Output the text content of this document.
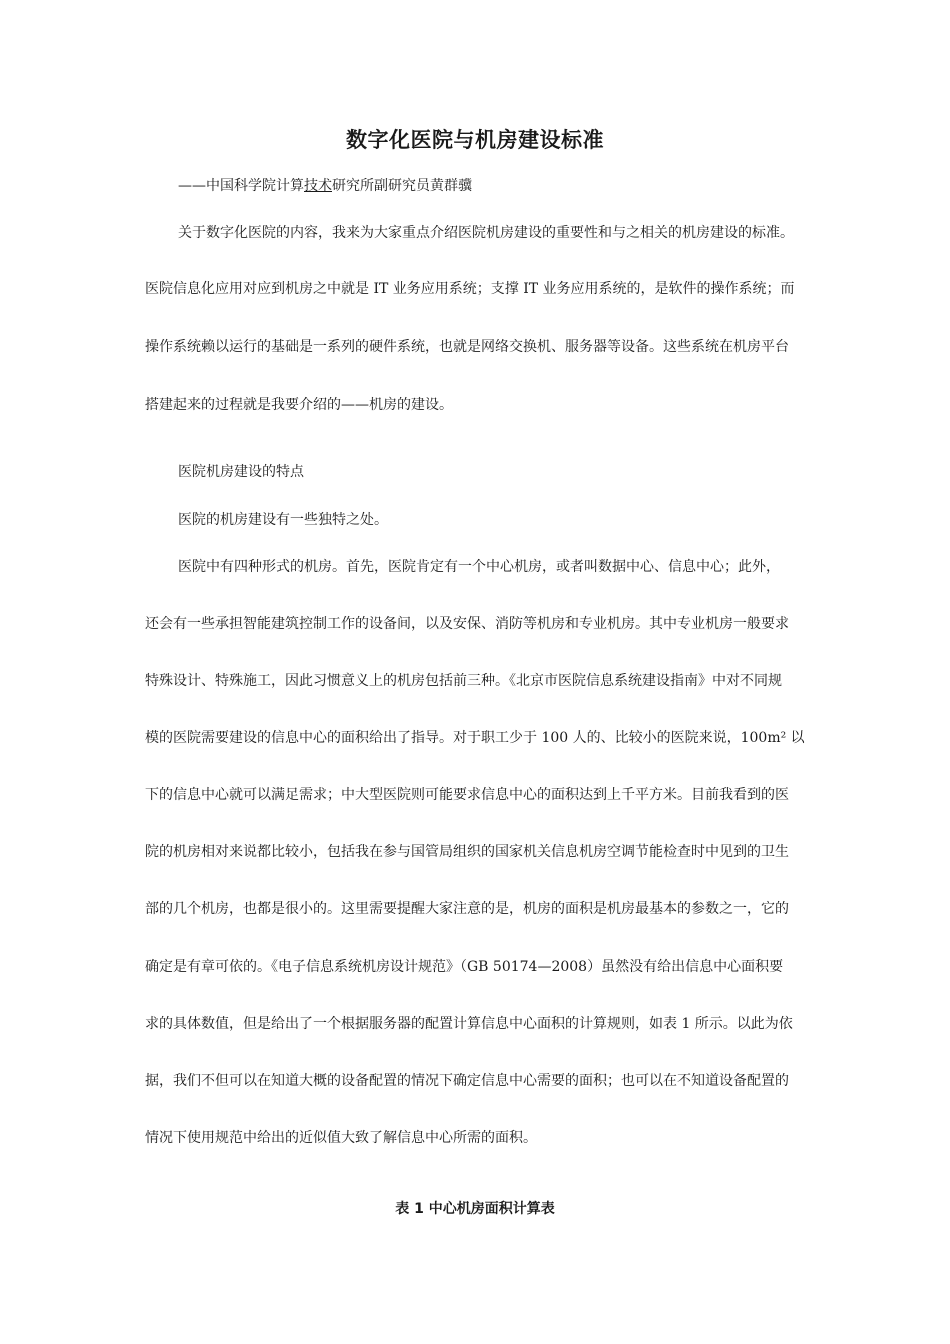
数字化医院与机房建设标准
——中国科学院计算技术研究所副研究员黄群骥
关于数字化医院的内容，我来为大家重点介绍医院机房建设的重要性和与之相关的机房建设的标准。
医院信息化应用对应到机房之中就是 IT 业务应用系统；支撑 IT 业务应用系统的，是软件的操作系统；而
操作系统赖以运行的基础是一系列的硬件系统，也就是网络交换机、服务器等设备。这些系统在机房平台
搭建起来的过程就是我要介绍的——机房的建设。
医院机房建设的特点
医院的机房建设有一些独特之处。
医院中有四种形式的机房。首先，医院肯定有一个中心机房，或者叫数据中心、信息中心；此外，
还会有一些承担智能建筑控制工作的设备间，以及安保、消防等机房和专业机房。其中专业机房一般要求
特殊设计、特殊施工，因此习惯意义上的机房包括前三种。《北京市医院信息系统建设指南》中对不同规
模的医院需要建设的信息中心的面积给出了指导。对于职工少于 100 人的、比较小的医院来说，100m² 以
下的信息中心就可以满足需求；中大型医院则可能要求信息中心的面积达到上千平方米。目前我看到的医
院的机房相对来说都比较小，包括我在参与国管局组织的国家机关信息机房空调节能检查时中见到的卫生
部的几个机房，也都是很小的。这里需要提醒大家注意的是，机房的面积是机房最基本的参数之一，它的
确定是有章可依的。《电子信息系统机房设计规范》（GB 50174—2008）虽然没有给出信息中心面积要
求的具体数值，但是给出了一个根据服务器的配置计算信息中心面积的计算规则，如表 1 所示。以此为依
据，我们不但可以在知道大概的设备配置的情况下确定信息中心需要的面积；也可以在不知道设备配置的
情况下使用规范中给出的近似值大致了解信息中心所需的面积。
表 1 中心机房面积计算表
